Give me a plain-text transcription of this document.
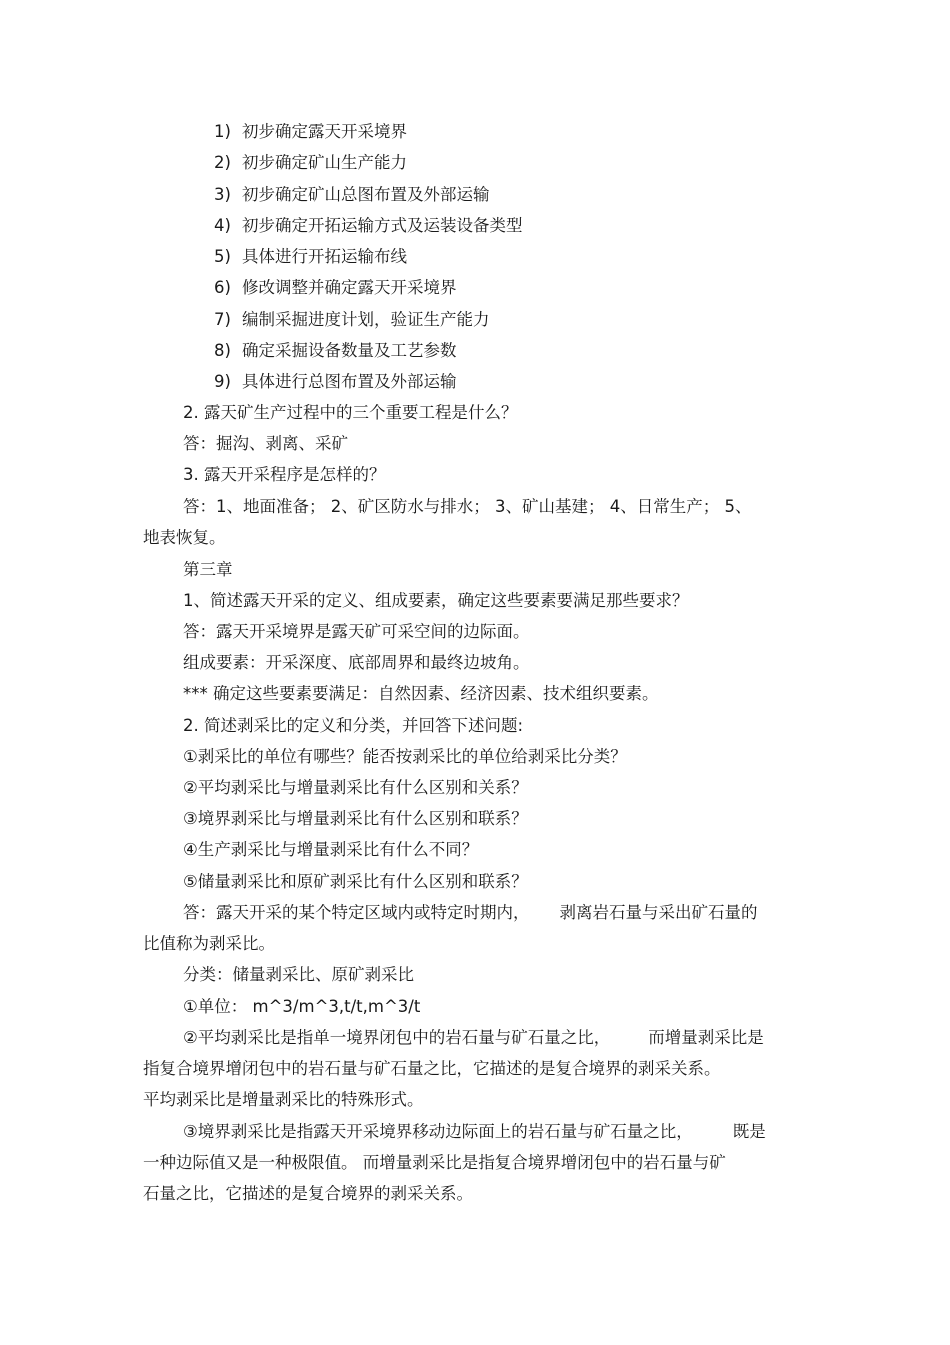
1) 初步确定露天开采境界

2) 初步确定矿山生产能力

3) 初步确定矿山总图布置及外部运输

4) 初步确定开拓运输方式及运装设备类型

5) 具体进行开拓运输布线

6) 修改调整并确定露天开采境界

7) 编制采掘进度计划，验证生产能力

8) 确定采掘设备数量及工艺参数

9) 具体进行总图布置及外部运输

2. 露天矿生产过程中的三个重要工程是什么？

答：掘沟、剥离、采矿

3. 露天开采程序是怎样的？

答：1、地面准备； 2、矿区防水与排水； 3、矿山基建； 4、日常生产； 5、

地表恢复。

第三章

1、简述露天开采的定义、组成要素，确定这些要素要满足那些要求？

答：露天开采境界是露天矿可采空间的边际面。

组成要素：开采深度、底部周界和最终边坡角。

*** 确定这些要素要满足：自然因素、经济因素、技术组织要素。

2. 简述剥采比的定义和分类，并回答下述问题:

①剥采比的单位有哪些？能否按剥采比的单位给剥采比分类？

②平均剥采比与增量剥采比有什么区别和关系？

③境界剥采比与增量剥采比有什么区别和联系？

④生产剥采比与增量剥采比有什么不同？

⑤储量剥采比和原矿剥采比有什么区别和联系？

答：露天开采的某个特定区域内或特定时期内， 剥离岩石量与采出矿石量的

比值称为剥采比。

分类：储量剥采比、原矿剥采比

①单位： m^3/m^3,t/t,m^3/t

②平均剥采比是指单一境界闭包中的岩石量与矿石量之比， 而增量剥采比是

指复合境界增闭包中的岩石量与矿石量之比，它描述的是复合境界的剥采关系。

平均剥采比是增量剥采比的特殊形式。

③境界剥采比是指露天开采境界移动边际面上的岩石量与矿石量之比， 既是

一种边际值又是一种极限值。 而增量剥采比是指复合境界增闭包中的岩石量与矿

石量之比，它描述的是复合境界的剥采关系。
